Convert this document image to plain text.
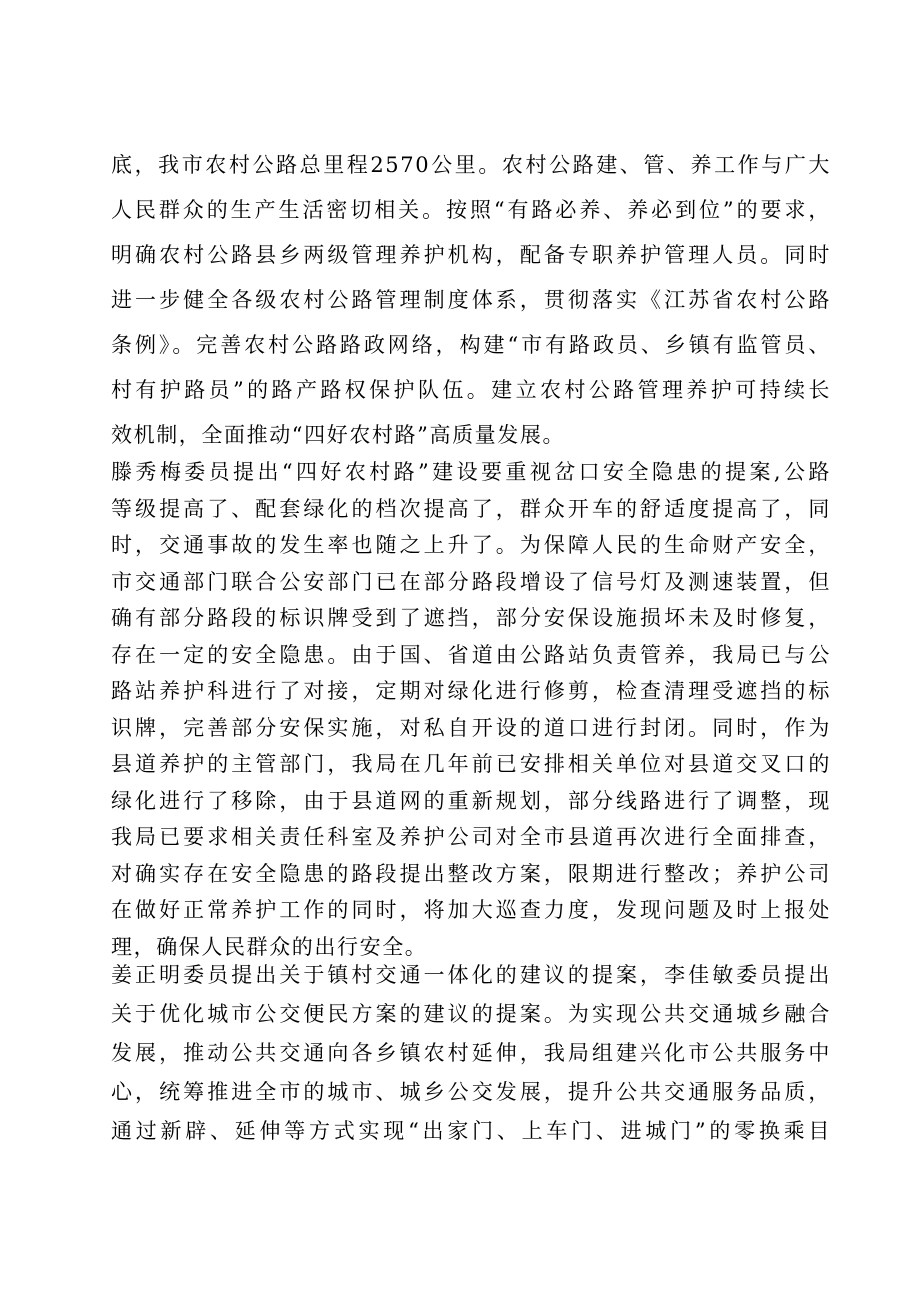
底，我市农村公路总里程2570公里。农村公路建、管、养工作与广大
人民群众的生产生活密切相关。按照“有路必养、养必到位”的要求，
明确农村公路县乡两级管理养护机构，配备专职养护管理人员。同时
进一步健全各级农村公路管理制度体系，贯彻落实《江苏省农村公路
条例》。完善农村公路路政网络，构建“市有路政员、乡镇有监管员、
村有护路员”的路产路权保护队伍。建立农村公路管理养护可持续长
效机制，全面推动“四好农村路”高质量发展。
滕秀梅委员提出“四好农村路”建设要重视岔口安全隐患的提案,公路
等级提高了、配套绿化的档次提高了，群众开车的舒适度提高了，同
时，交通事故的发生率也随之上升了。为保障人民的生命财产安全，
市交通部门联合公安部门已在部分路段增设了信号灯及测速装置，但
确有部分路段的标识牌受到了遮挡，部分安保设施损坏未及时修复，
存在一定的安全隐患。由于国、省道由公路站负责管养，我局已与公
路站养护科进行了对接，定期对绿化进行修剪，检查清理受遮挡的标
识牌，完善部分安保实施，对私自开设的道口进行封闭。同时，作为
县道养护的主管部门，我局在几年前已安排相关单位对县道交叉口的
绿化进行了移除，由于县道网的重新规划，部分线路进行了调整，现
我局已要求相关责任科室及养护公司对全市县道再次进行全面排查，
对确实存在安全隐患的路段提出整改方案，限期进行整改；养护公司
在做好正常养护工作的同时，将加大巡查力度，发现问题及时上报处
理，确保人民群众的出行安全。
姜正明委员提出关于镇村交通一体化的建议的提案，李佳敏委员提出
关于优化城市公交便民方案的建议的提案。为实现公共交通城乡融合
发展，推动公共交通向各乡镇农村延伸，我局组建兴化市公共服务中
心，统筹推进全市的城市、城乡公交发展，提升公共交通服务品质，
通过新辟、延伸等方式实现“出家门、上车门、进城门”的零换乘目
